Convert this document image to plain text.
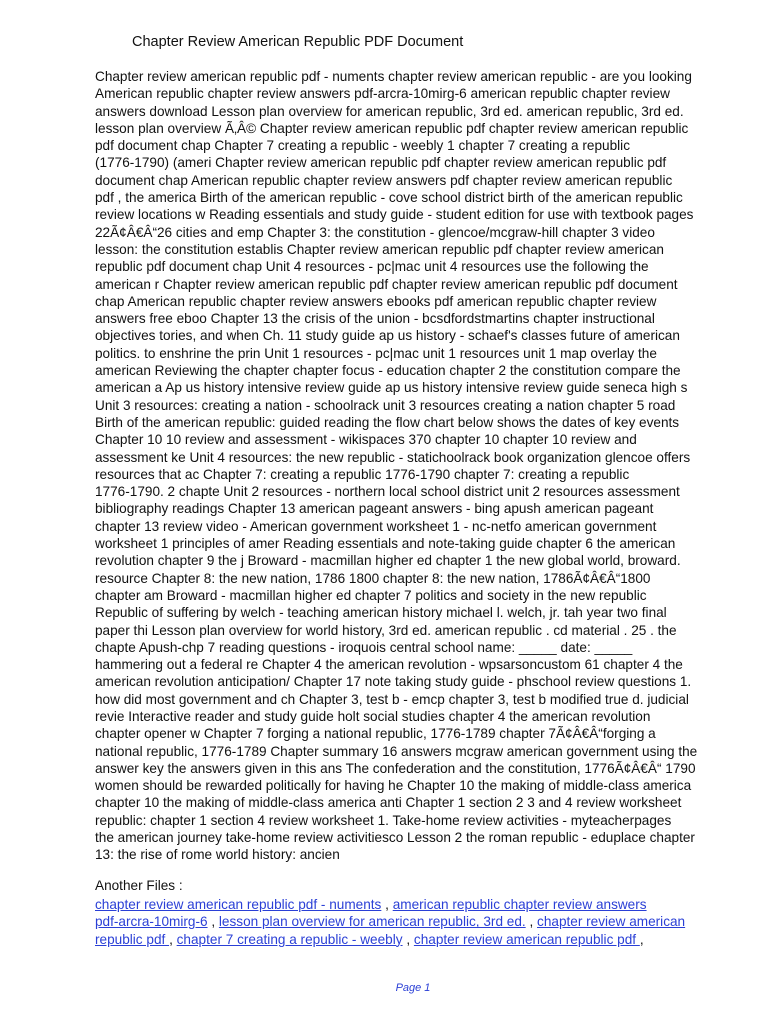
Chapter Review American Republic PDF Document
Chapter review american republic pdf - numents chapter review american republic - are you looking
American republic chapter review answers pdf-arcra-10mirg-6 american republic chapter review
answers download Lesson plan overview for american republic, 3rd ed. american republic, 3rd ed.
lesson plan overview Ã‚Â© Chapter review american republic pdf chapter review american republic
pdf document chap Chapter 7 creating a republic - weebly 1 chapter 7 creating a republic
(1776-1790) (ameri Chapter review american republic pdf chapter review american republic pdf
document chap American republic chapter review answers pdf chapter review american republic
pdf , the america Birth of the american republic - cove school district birth of the american republic
review locations w Reading essentials and study guide - student edition for use with textbook pages
22Ã¢Â€Â“26 cities and emp Chapter 3: the constitution - glencoe/mcgraw-hill chapter 3 video
lesson: the constitution establis Chapter review american republic pdf chapter review american
republic pdf document chap Unit 4 resources - pc|mac unit 4 resources use the following the
american r Chapter review american republic pdf chapter review american republic pdf document
chap American republic chapter review answers ebooks pdf american republic chapter review
answers free eboo Chapter 13 the crisis of the union - bcsdfordstmartins chapter instructional
objectives tories, and when Ch. 11 study guide ap us history - schaef's classes future of american
politics. to enshrine the prin Unit 1 resources - pc|mac unit 1 resources unit 1 map overlay the
american Reviewing the chapter chapter focus - education chapter 2 the constitution compare the
american a Ap us history intensive review guide ap us history intensive review guide seneca high s
Unit 3 resources: creating a nation - schoolrack unit 3 resources creating a nation chapter 5 road
Birth of the american republic: guided reading the flow chart below shows the dates of key events
Chapter 10 10 review and assessment - wikispaces 370 chapter 10 chapter 10 review and
assessment ke Unit 4 resources: the new republic - statichoolrack book organization glencoe offers
resources that ac Chapter 7: creating a republic 1776-1790 chapter 7: creating a republic
1776-1790. 2 chapte Unit 2 resources - northern local school district unit 2 resources assessment
bibliography readings Chapter 13 american pageant answers - bing apush american pageant
chapter 13 review video - American government worksheet 1 - nc-netfo american government
worksheet 1 principles of amer Reading essentials and note-taking guide chapter 6 the american
revolution chapter 9 the j Broward - macmillan higher ed chapter 1 the new global world, broward.
resource Chapter 8: the new nation, 1786 1800 chapter 8: the new nation, 1786Ã¢Â€Â“1800
chapter am Broward - macmillan higher ed chapter 7 politics and society in the new republic
Republic of suffering by welch - teaching american history michael l. welch, jr. tah year two final
paper thi Lesson plan overview for world history, 3rd ed. american republic . cd material . 25 . the
chapte Apush-chp 7 reading questions - iroquois central school name: _____ date: _____
hammering out a federal re Chapter 4 the american revolution - wpsarsoncustom 61 chapter 4 the
american revolution anticipation/ Chapter 17 note taking study guide - phschool review questions 1.
how did most government and ch Chapter 3, test b - emcp chapter 3, test b modified true d. judicial
revie Interactive reader and study guide holt social studies chapter 4 the american revolution
chapter opener w Chapter 7 forging a national republic, 1776-1789 chapter 7Ã¢Â€Â“forging a
national republic, 1776-1789 Chapter summary 16 answers mcgraw american government using the
answer key the answers given in this ans The confederation and the constitution, 1776Ã¢Â€Â“ 1790
women should be rewarded politically for having he Chapter 10 the making of middle-class america
chapter 10 the making of middle-class america anti Chapter 1 section 2 3 and 4 review worksheet
republic: chapter 1 section 4 review worksheet 1. Take-home review activities - myteacherpages
the american journey take-home review activitiesco Lesson 2 the roman republic - eduplace chapter
13: the rise of rome world history: ancien
Another Files :
chapter review american republic pdf - numents , american republic chapter review answers
pdf-arcra-10mirg-6 , lesson plan overview for american republic, 3rd ed. , chapter review american
republic pdf , chapter 7 creating a republic - weebly , chapter review american republic pdf ,
Page 1
